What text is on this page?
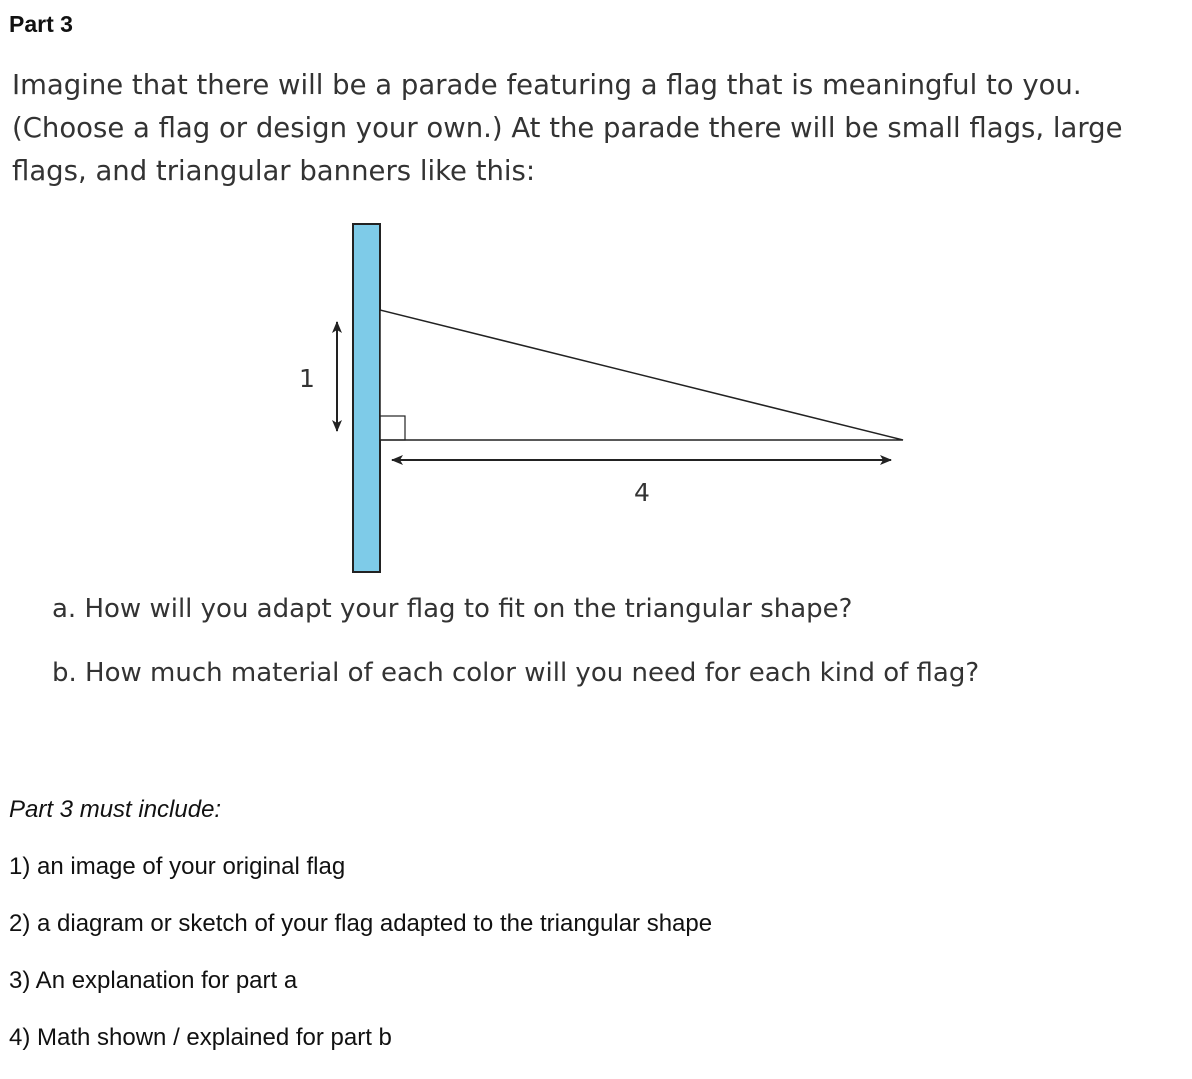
Part 3

Imagine that there will be a parade featuring a flag that is meaningful to you. (Choose a flag or design your own.) At the parade there will be small flags, large flags, and triangular banners like this:

1
4

a. How will you adapt your flag to fit on the triangular shape?

b. How much material of each color will you need for each kind of flag?

Part 3 must include:

1) an image of your original flag
2) a diagram or sketch of your flag adapted to the triangular shape
3) An explanation for part a
4) Math shown / explained for part b
